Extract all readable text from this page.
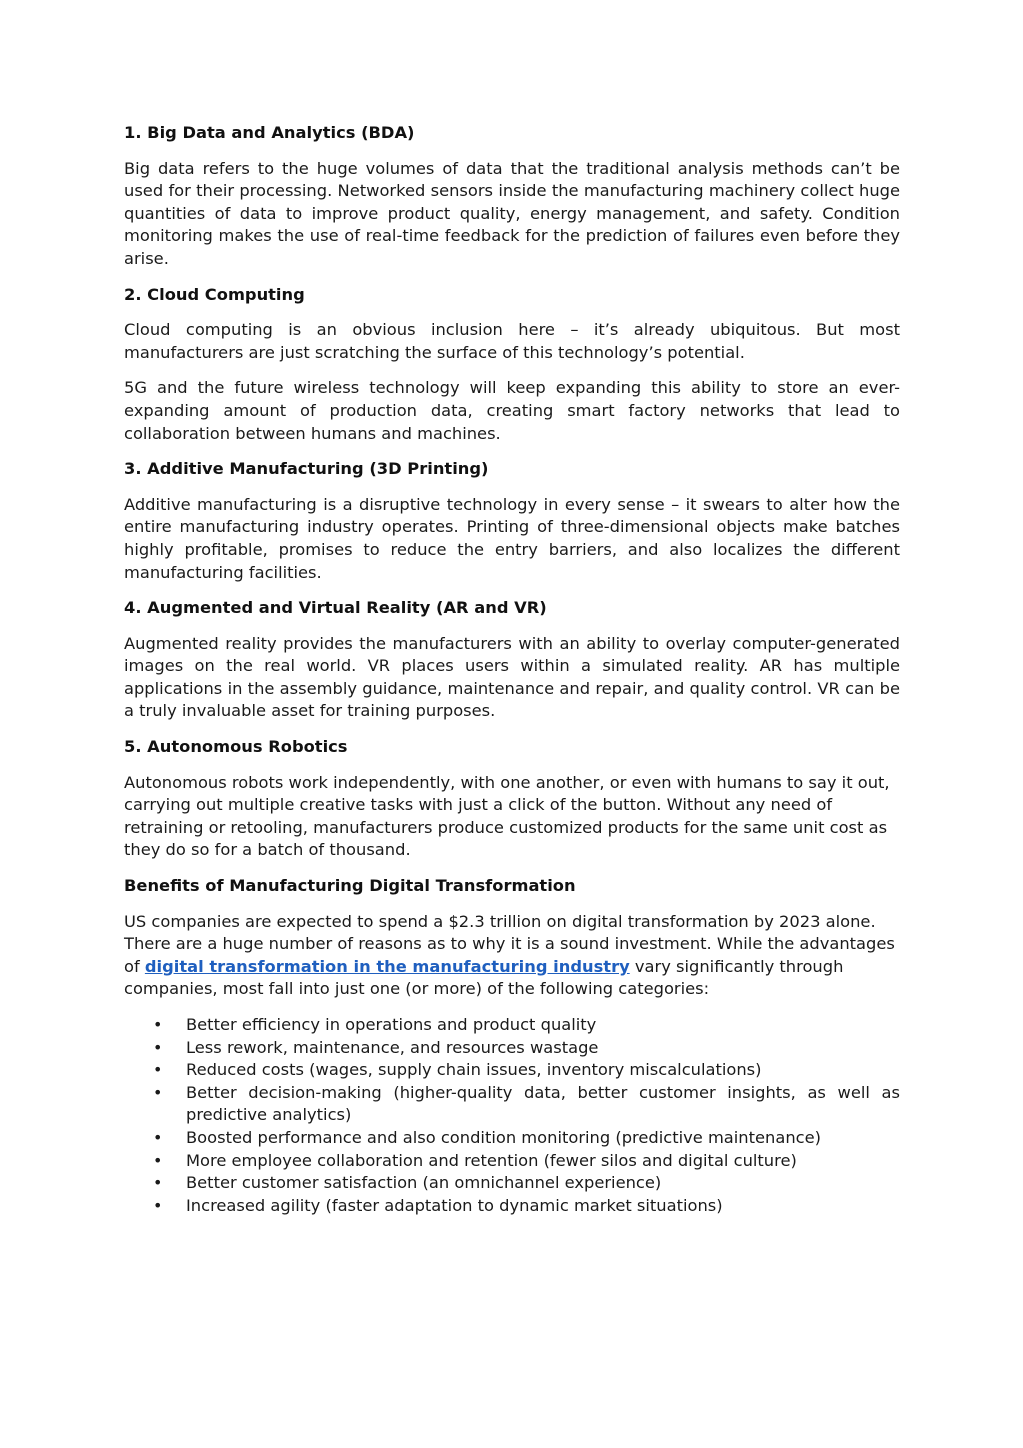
1. Big Data and Analytics (BDA)

Big data refers to the huge volumes of data that the traditional analysis methods can’t be used for their processing. Networked sensors inside the manufacturing machinery collect huge quantities of data to improve product quality, energy management, and safety. Condition monitoring makes the use of real-time feedback for the prediction of failures even before they arise.

2. Cloud Computing

Cloud computing is an obvious inclusion here – it’s already ubiquitous. But most manufacturers are just scratching the surface of this technology’s potential.

5G and the future wireless technology will keep expanding this ability to store an ever-expanding amount of production data, creating smart factory networks that lead to collaboration between humans and machines.

3. Additive Manufacturing (3D Printing)

Additive manufacturing is a disruptive technology in every sense – it swears to alter how the entire manufacturing industry operates. Printing of three-dimensional objects make batches highly profitable, promises to reduce the entry barriers, and also localizes the different manufacturing facilities.

4. Augmented and Virtual Reality (AR and VR)

Augmented reality provides the manufacturers with an ability to overlay computer-generated images on the real world. VR places users within a simulated reality. AR has multiple applications in the assembly guidance, maintenance and repair, and quality control. VR can be a truly invaluable asset for training purposes.

5. Autonomous Robotics

Autonomous robots work independently, with one another, or even with humans to say it out, carrying out multiple creative tasks with just a click of the button. Without any need of retraining or retooling, manufacturers produce customized products for the same unit cost as they do so for a batch of thousand.

Benefits of Manufacturing Digital Transformation

US companies are expected to spend a $2.3 trillion on digital transformation by 2023 alone. There are a huge number of reasons as to why it is a sound investment. While the advantages of digital transformation in the manufacturing industry vary significantly through companies, most fall into just one (or more) of the following categories:

• Better efficiency in operations and product quality
• Less rework, maintenance, and resources wastage
• Reduced costs (wages, supply chain issues, inventory miscalculations)
• Better decision-making (higher-quality data, better customer insights, as well as predictive analytics)
• Boosted performance and also condition monitoring (predictive maintenance)
• More employee collaboration and retention (fewer silos and digital culture)
• Better customer satisfaction (an omnichannel experience)
• Increased agility (faster adaptation to dynamic market situations)
